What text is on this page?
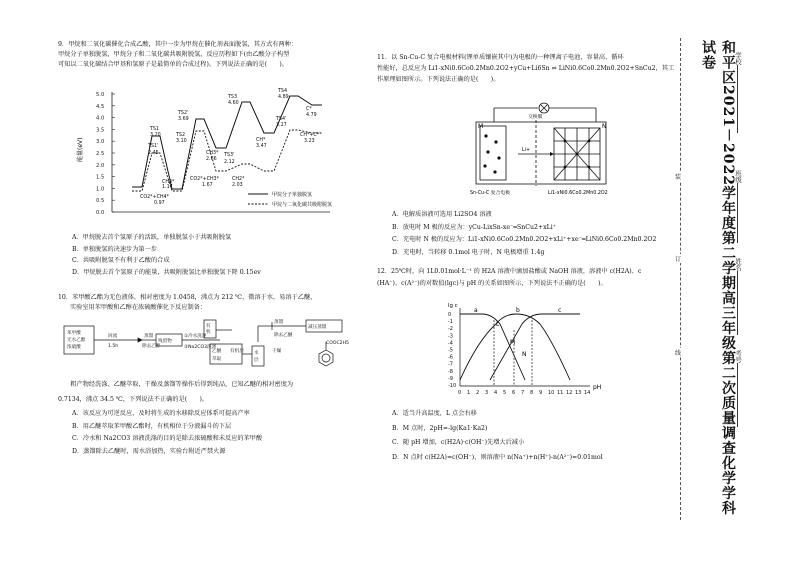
9．甲烷和二氧化碳催化合成乙酸，其中一步为甲烷在催化剂表面脱氢，其方式有两种：
甲烷分子单独脱氢，甲烷分子和二氧化碳共吸附脱氢，反应历程如下(由乙酸分子构型
可知以二氧化碳结合甲基和氢原子是最简单的合成过程)。下列说法正确的是(　　)。
5.0
4.5
4.0
3.5
3.0
2.5
2.0
1.5
1.0
0.5
0.0
能量(eV)
TS1
3.20
TS1'
2.45
CH4*
1.17
CO2*+CH4*
0.97
TS2'
3.69
TS2
3.10
CH3*
2.66
CO2*+CH3*
1.67
TS3
4.60
TS3'
2.12
CH2*
2.03
CH*
3.47
TS4
4.89
TS4'
3.27
C*
4.79
CH*+C*
3.23
甲烷分子单独脱氢
甲烷与二氧化碳共吸附脱氢
A．甲烷脱去首个氢原子的活跃，单独脱氢小于共吸附脱氢
B．单独脱氢的决速步为第一步
C．共吸附脱氢不有利于乙酸的合成
D．甲烷脱去首个氢原子的能量，共吸附脱氢比单独脱氢下降 0.15ev
10．苯甲酸乙酯为无色液体，相对密度为 1.0458，沸点为 212 ℃，微溶于水，易溶于乙醚，
实验室用苯甲酸和乙醇在浓硫酸催化下反应制备：
苯甲酸
无水乙醇
浓硫酸
回流
1.5h
蒸馏
除去乙醇
残留物
①冷水洗涤
②Na2CO3洗涤
有
机
乙醚
萃取
有机层 水
层
干燥
蒸馏
除去乙醚
减压蒸馏
COOC2H5
　　粗产物经洗涤、乙醚萃取、干燥及蒸馏等操作后得到纯品，已知乙醚的相对密度为
0.7134，沸点 34.5 ℃，下列说法不正确的是(　　)。
A．该反应为可逆反应，及时将生成的水移除反应体系可提高产率
B．用乙醚萃取苯甲酸乙酯时，有机相位于分液漏斗的下层
C．冷水和 Na2CO3 溶液洗涤的目的是除去浓硫酸和未反应的苯甲酸
D．蒸馏除去乙醚时，需水浴加热，实验台附近严禁火源
11．以 Sn-Cu-C 复合电极材料(锂单质镶嵌其中)为电极的一种锂离子电池，容量高、循环
性能好，总反应为 Li1-xNi0.6Co0.2Mn0.2O2+yCu+Li6Sn ⇌ LiNi0.6Co0.2Mn0.2O2+SnCu2，其工
作原理如图所示。下列说法正确的是(　　)。
M	N
交换膜
Li+
Sn-Cu-C 复合电极	Li1-xNi0.6Co0.2Mn0.2O2
A．电解质溶液可选用 Li2SO4 溶液
B．放电时 M 极的反应为：yCu-LixSn-xe⁻═SnCu2+xLi⁺
C．充电时 N 极的反应为：Li1-xNi0.6Co0.2Mn0.2O2+xLi⁺+xe⁻═LiNi0.6Co0.2Mn0.2O2
D．充电时，当转移 0.1mol 电子时，N 电极增重 1.4g
12．25℃时，向 1L0.01mol·L⁻¹ 的 H2A 溶液中滴加盐酸或 NaOH 溶液，溶液中 c(H2A)、c
(HA⁻)、c(A²⁻)的对数值(lgc)与 pH 的关系如图所示，下列说法不正确的是(　　)。
0
-1
-2
-3
-4
-5
-6
-7
-8
-9
-10
0 1 2 3 4 5 6 7 8 9 10 11 12 13 14
lg c
pH
a	b	c
L
M
N
A．适当升高温度，L 点会右移
B．M 点时，2pH=-lg(Ka1·Ka2)
C．随 pH 增加，c(H2A)·c(OH⁻)先增大后减小
D．N 点时 c(H2A)=c(OH⁻)，则溶液中 n(Na⁺)+n(H⁺)-n(A²⁻)=0.01mol
装
订
线	和平区2021－2022学年度第二学期高三年级第二次质量调查化学学科试卷	学校
班级
姓名
考号
